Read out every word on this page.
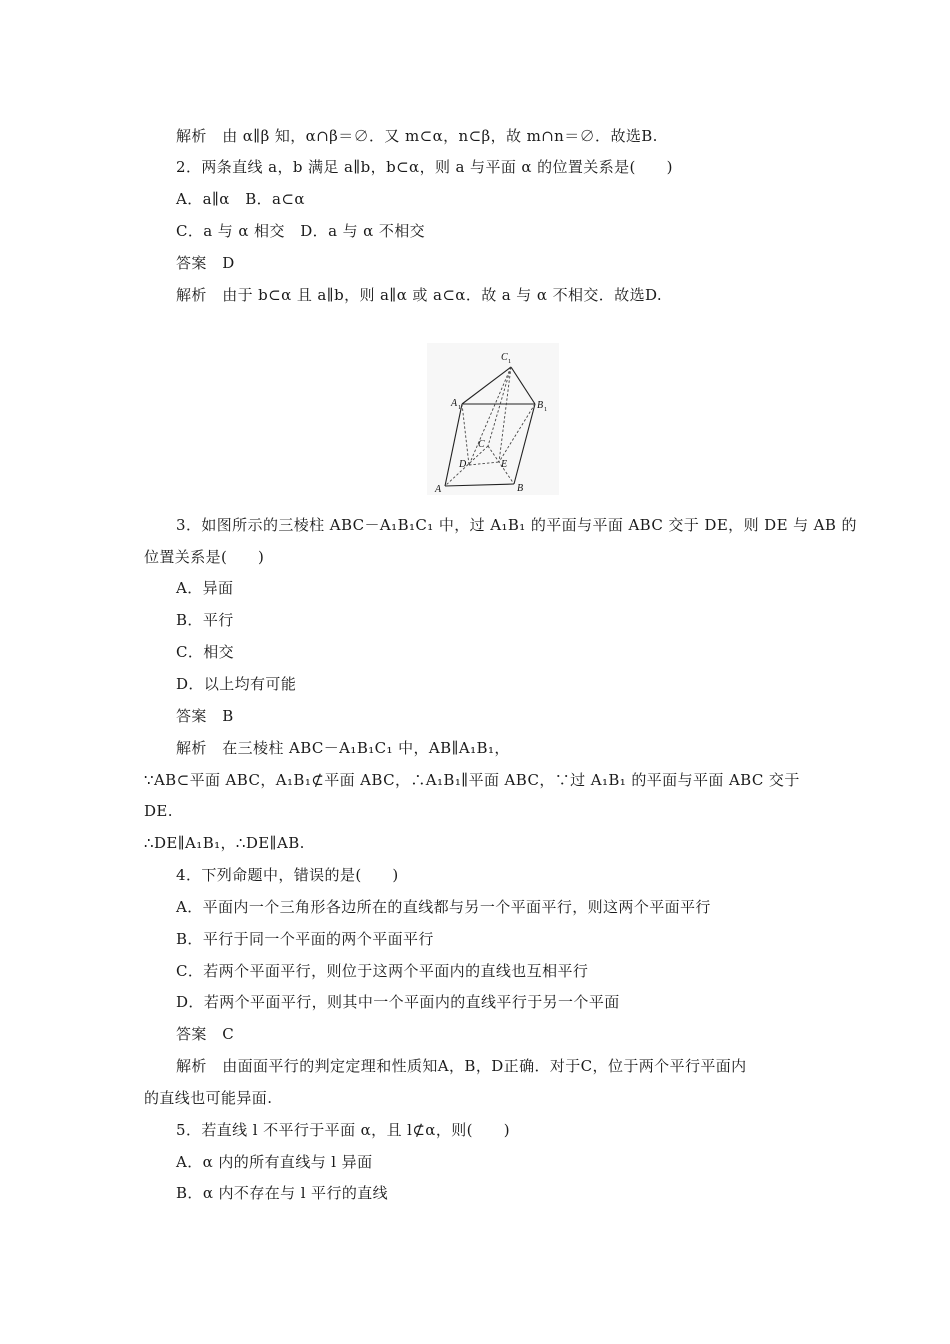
解析　由 α∥β 知，α∩β＝∅．又 m⊂α，n⊂β，故 m∩n＝∅．故选B.
2．两条直线 a，b 满足 a∥b，b⊂α，则 a 与平面 α 的位置关系是(　　)
A．a∥α　B．a⊂α
C．a 与 α 相交　D．a 与 α 不相交
答案　D
解析　由于 b⊂α 且 a∥b，则 a∥α 或 a⊂α．故 a 与 α 不相交．故选D.
C 1
A 1	B 1
C
D	E
A	B
3．如图所示的三棱柱 ABC－A₁B₁C₁ 中，过 A₁B₁ 的平面与平面 ABC 交于 DE，则 DE 与 AB 的
位置关系是(　　)
A．异面
B．平行
C．相交
D．以上均有可能
答案　B
解析　在三棱柱 ABC－A₁B₁C₁ 中，AB∥A₁B₁，
∵AB⊂平面 ABC，A₁B₁⊄平面 ABC，∴A₁B₁∥平面 ABC，∵过 A₁B₁ 的平面与平面 ABC 交于
DE.
∴DE∥A₁B₁，∴DE∥AB.
4．下列命题中，错误的是(　　)
A．平面内一个三角形各边所在的直线都与另一个平面平行，则这两个平面平行
B．平行于同一个平面的两个平面平行
C．若两个平面平行，则位于这两个平面内的直线也互相平行
D．若两个平面平行，则其中一个平面内的直线平行于另一个平面
答案　C
解析　由面面平行的判定定理和性质知A，B，D正确．对于C，位于两个平行平面内
的直线也可能异面.
5．若直线 l 不平行于平面 α，且 l⊄α，则(　　)
A．α 内的所有直线与 l 异面
B．α 内不存在与 l 平行的直线
